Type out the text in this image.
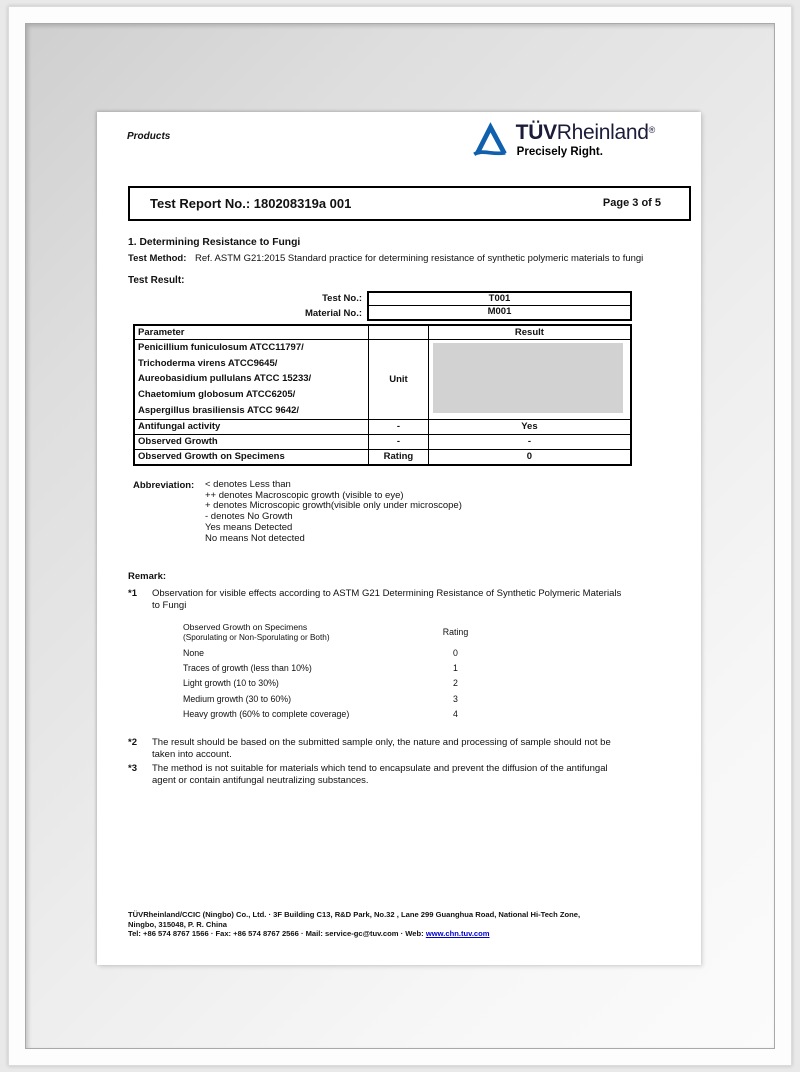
Products	TÜVRheinland®
Precisely Right.
Test Report No.: 180208319a 001	Page 3 of 5
1. Determining Resistance to Fungi
Test Method: Ref. ASTM G21:2015 Standard practice for determining resistance of synthetic polymeric materials to fungi
Test Result:
Test No.:	T001
Material No.:	M001
Parameter		Result

Penicillium funiculosum ATCC11797/
Trichoderma virens ATCC9645/
Aureobasidium pullulans ATCC 15233/
Chaetomium globosum ATCC6205/
Aspergillus brasiliensis ATCC 9642/	Unit	

Antifungal activity	-	Yes
Observed Growth	-	-
Observed Growth on Specimens	Rating	0
Abbreviation:	< denotes Less than
++ denotes Macroscopic growth (visible to eye)
+ denotes Microscopic growth(visible only under microscope)
- denotes No Growth
Yes means Detected
No means Not detected
Remark:
*1	Observation for visible effects according to ASTM G21 Determining Resistance of Synthetic Polymeric Materials to Fungi
Observed Growth on Specimens
(Sporulating or Non-Sporulating or Both)	Rating
None	0
Traces of growth (less than 10%)	1
Light growth (10 to 30%)	2
Medium growth (30 to 60%)	3
Heavy growth (60% to complete coverage)	4
*2	The result should be based on the submitted sample only, the nature and processing of sample should not be taken into account.
*3	The method is not suitable for materials which tend to encapsulate and prevent the diffusion of the antifungal agent or contain antifungal neutralizing substances.
TÜVRheinland/CCIC (Ningbo) Co., Ltd. · 3F Building C13, R&D Park, No.32 , Lane 299 Guanghua Road, National Hi-Tech Zone,
Ningbo, 315048, P. R. China
Tel: +86 574 8767 1566 · Fax: +86 574 8767 2566 · Mail: service-gc@tuv.com · Web: www.chn.tuv.com
